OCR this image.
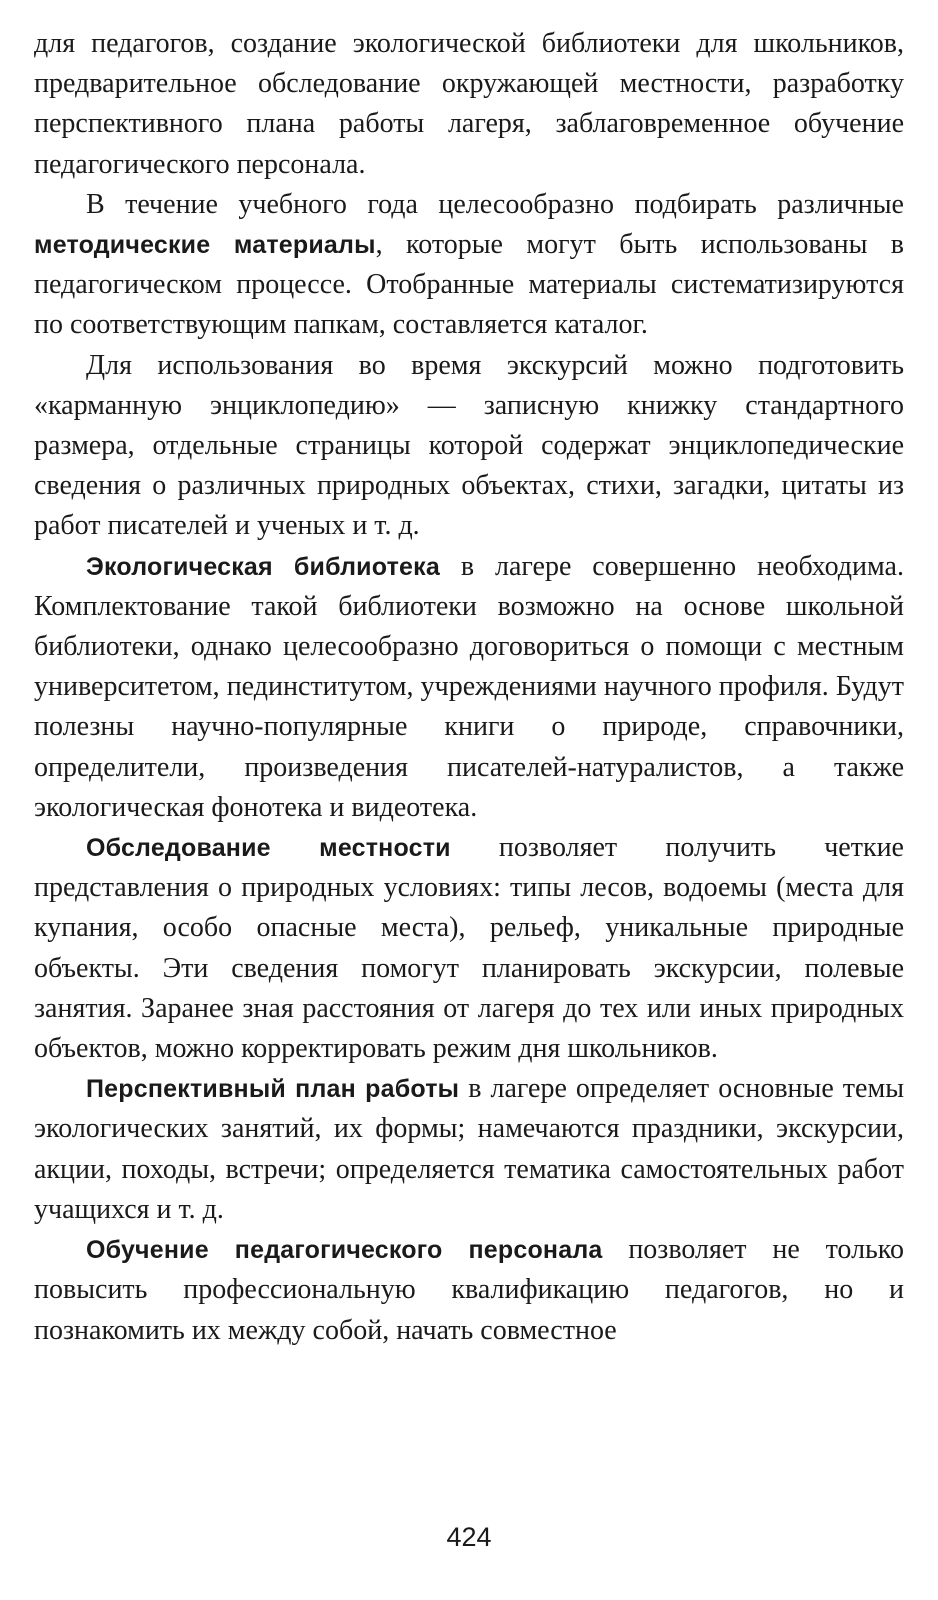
для педагогов, создание экологической библиотеки для школьников, предварительное обследование окружающей местности, разработку перспективного плана работы лагеря, заблаговременное обучение педагогического персонала.

В течение учебного года целесообразно подбирать различные методические материалы, которые могут быть использованы в педагогическом процессе. Отобранные материалы систематизируются по соответствующим папкам, составляется каталог.

Для использования во время экскурсий можно подготовить «карманную энциклопедию» — записную книжку стандартного размера, отдельные страницы которой содержат энциклопедические сведения о различных природных объектах, стихи, загадки, цитаты из работ писателей и ученых и т. д.

Экологическая библиотека в лагере совершенно необходима. Комплектование такой библиотеки возможно на основе школьной библиотеки, однако целесообразно договориться о помощи с местным университетом, пединститутом, учреждениями научного профиля. Будут полезны научно-популярные книги о природе, справочники, определители, произведения писателей-натуралистов, а также экологическая фонотека и видеотека.

Обследование местности позволяет получить четкие представления о природных условиях: типы лесов, водоемы (места для купания, особо опасные места), рельеф, уникальные природные объекты. Эти сведения помогут планировать экскурсии, полевые занятия. Заранее зная расстояния от лагеря до тех или иных природных объектов, можно корректировать режим дня школьников.

Перспективный план работы в лагере определяет основные темы экологических занятий, их формы; намечаются праздники, экскурсии, акции, походы, встречи; определяется тематика самостоятельных работ учащихся и т. д.

Обучение педагогического персонала позволяет не только повысить профессиональную квалификацию педагогов, но и познакомить их между собой, начать совместное

424
